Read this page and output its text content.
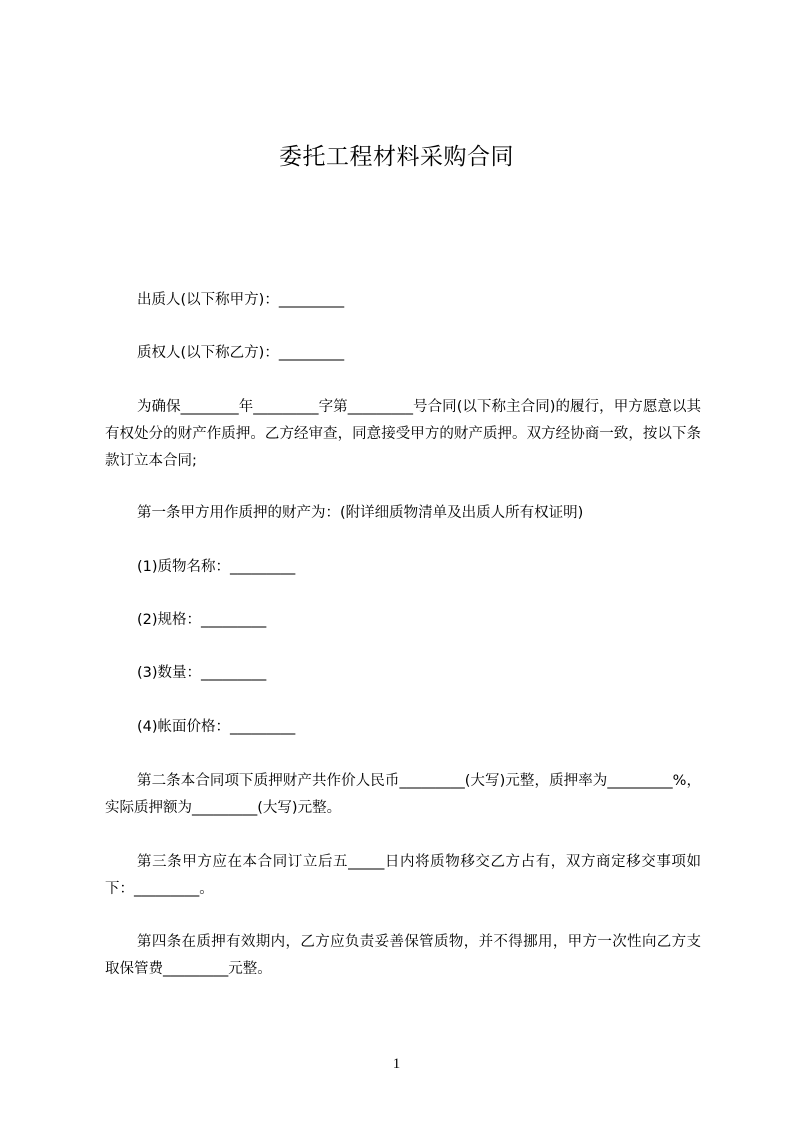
委托工程材料采购合同

出质人(以下称甲方)：_________

质权人(以下称乙方)：_________

为确保________年_________字第_________号合同(以下称主合同)的履行，甲方愿意以其有权处分的财产作质押。乙方经审查，同意接受甲方的财产质押。双方经协商一致，按以下条款订立本合同;

第一条甲方用作质押的财产为：(附详细质物清单及出质人所有权证明)

(1)质物名称：_________

(2)规格：_________

(3)数量：_________

(4)帐面价格：_________

第二条本合同项下质押财产共作价人民币_________(大写)元整，质押率为_________%，实际质押额为_________(大写)元整。

第三条甲方应在本合同订立后五_____日内将质物移交乙方占有，双方商定移交事项如下：_________。

第四条在质押有效期内，乙方应负责妥善保管质物，并不得挪用，甲方一次性向乙方支取保管费_________元整。

1
